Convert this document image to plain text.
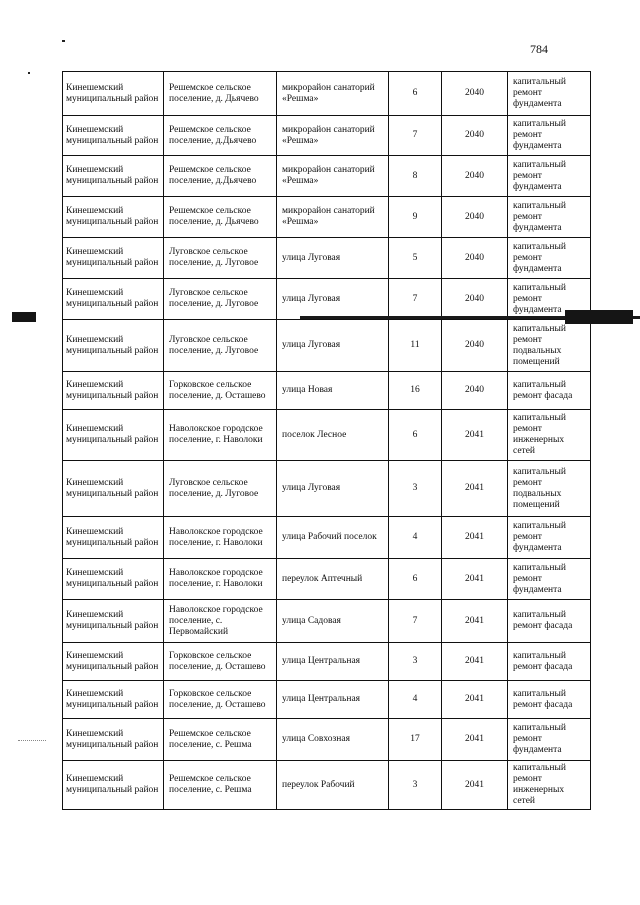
784
Кинешемский муниципальный район	Решемское сельское поселение, д. Дьячево	микрорайон санаторий «Решма»	6	2040	капитальный ремонт фундамента
Кинешемский муниципальный район	Решемское сельское поселение, д.Дьячево	микрорайон санаторий «Решма»	7	2040	капитальный ремонт фундамента
Кинешемский муниципальный район	Решемское сельское поселение, д.Дьячево	микрорайон санаторий «Решма»	8	2040	капитальный ремонт фундамента
Кинешемский муниципальный район	Решемское сельское поселение, д. Дьячево	микрорайон санаторий «Решма»	9	2040	капитальный ремонт фундамента
Кинешемский муниципальный район	Луговское сельское поселение, д. Луговое	улица Луговая	5	2040	капитальный ремонт фундамента
Кинешемский муниципальный район	Луговское сельское поселение, д. Луговое	улица Луговая	7	2040	капитальный ремонт фундамента
Кинешемский муниципальный район	Луговское сельское поселение, д. Луговое	улица Луговая	11	2040	капитальный ремонт подвальных помещений
Кинешемский муниципальный район	Горковское сельское поселение, д. Осташево	улица Новая	16	2040	капитальный ремонт фасада
Кинешемский муниципальный район	Наволокское городское поселение, г. Наволоки	поселок Лесное	6	2041	капитальный ремонт инженерных сетей
Кинешемский муниципальный район	Луговское сельское поселение, д. Луговое	улица Луговая	3	2041	капитальный ремонт подвальных помещений
Кинешемский муниципальный район	Наволокское городское поселение, г. Наволоки	улица Рабочий поселок	4	2041	капитальный ремонт фундамента
Кинешемский муниципальный район	Наволокское городское поселение, г. Наволоки	переулок Аптечный	6	2041	капитальный ремонт фундамента
Кинешемский муниципальный район	Наволокское городское поселение, с. Первомайский	улица Садовая	7	2041	капитальный ремонт фасада
Кинешемский муниципальный район	Горковское сельское поселение, д. Осташево	улица Центральная	3	2041	капитальный ремонт фасада
Кинешемский муниципальный район	Горковское сельское поселение, д. Осташево	улица Центральная	4	2041	капитальный ремонт фасада
Кинешемский муниципальный район	Решемское сельское поселение, с. Решма	улица Совхозная	17	2041	капитальный ремонт фундамента
Кинешемский муниципальный район	Решемское сельское поселение, с. Решма	переулок Рабочий	3	2041	капитальный ремонт инженерных сетей
